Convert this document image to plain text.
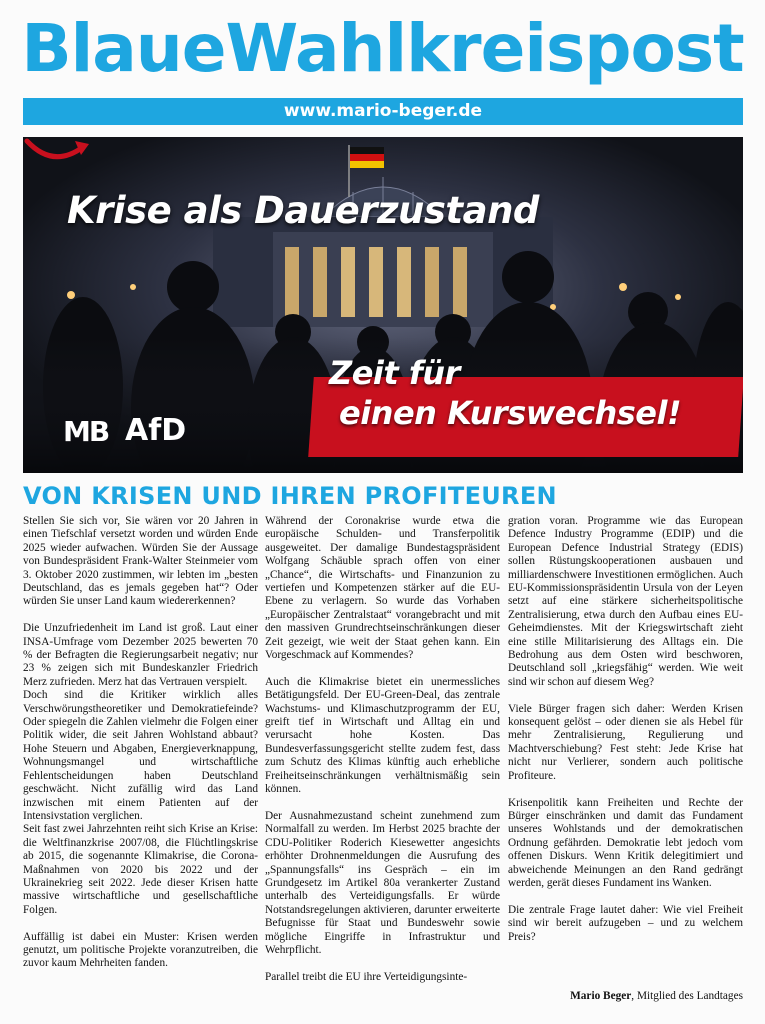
BlaueWahlkreispost
www.mario-beger.de
Krise als Dauerzustand
Zeit für
einen Kurswechsel!
MB AfD
VON KRISEN UND IHREN PROFITEUREN

Stellen Sie sich vor, Sie wären vor 20 Jahren in einen Tiefschlaf versetzt worden und würden Ende 2025 wieder aufwachen. Würden Sie der Aussage von Bundespräsident Frank-Walter Steinmeier vom 3. Oktober 2020 zustimmen, wir lebten im „besten Deutschland, das es jemals gegeben hat“? Oder würden Sie unser Land kaum wiedererkennen?

Die Unzufriedenheit im Land ist groß. Laut einer INSA-Umfrage vom Dezember 2025 bewerten 70 % der Befragten die Regierungsarbeit negativ; nur 23 % zeigen sich mit Bundeskanzler Friedrich Merz zufrieden. Merz hat das Vertrauen verspielt.

Doch sind die Kritiker wirklich alles Verschwörungstheoretiker und Demokratiefeinde? Oder spiegeln die Zahlen vielmehr die Folgen einer Politik wider, die seit Jahren Wohlstand abbaut? Hohe Steuern und Abgaben, Energieverknappung, Wohnungsmangel und wirtschaftliche Fehlentscheidungen haben Deutschland geschwächt. Nicht zufällig wird das Land inzwischen mit einem Patienten auf der Intensivstation verglichen.

Seit fast zwei Jahrzehnten reiht sich Krise an Krise: die Weltfinanzkrise 2007/08, die Flüchtlingskrise ab 2015, die sogenannte Klimakrise, die Corona-Maßnahmen von 2020 bis 2022 und der Ukrainekrieg seit 2022. Jede dieser Krisen hatte massive wirtschaftliche und gesellschaftliche Folgen.

Auffällig ist dabei ein Muster: Krisen werden genutzt, um politische Projekte voranzutreiben, die zuvor kaum Mehrheiten fanden.

Während der Coronakrise wurde etwa die europäische Schulden- und Transferpolitik ausgeweitet. Der damalige Bundestagspräsident Wolfgang Schäuble sprach offen von einer „Chance“, die Wirtschafts- und Finanzunion zu vertiefen und Kompetenzen stärker auf die EU-Ebene zu verlagern. So wurde das Vorhaben „Europäischer Zentralstaat“ vorangebracht und mit den massiven Grundrechtseinschränkungen dieser Zeit gezeigt, wie weit der Staat gehen kann. Ein Vorgeschmack auf Kommendes?

Auch die Klimakrise bietet ein unermessliches Betätigungsfeld. Der EU-Green-Deal, das zentrale Wachstums- und Klimaschutzprogramm der EU, greift tief in Wirtschaft und Alltag ein und verursacht hohe Kosten. Das Bundesverfassungsgericht stellte zudem fest, dass zum Schutz des Klimas künftig auch erhebliche Freiheitseinschränkungen verhältnismäßig sein können.

Der Ausnahmezustand scheint zunehmend zum Normalfall zu werden. Im Herbst 2025 brachte der CDU-Politiker Roderich Kiesewetter angesichts erhöhter Drohnenmeldungen die Ausrufung des „Spannungsfalls“ ins Gespräch – ein im Grundgesetz im Artikel 80a verankerter Zustand unterhalb des Verteidigungsfalls. Er würde Notstandsregelungen aktivieren, darunter erweiterte Befugnisse für Staat und Bundeswehr sowie mögliche Eingriffe in Infrastruktur und Wehrpflicht.

Parallel treibt die EU ihre Verteidigungsinte-

gration voran. Programme wie das European Defence Industry Programme (EDIP) und die European Defence Industrial Strategy (EDIS) sollen Rüstungskooperationen ausbauen und milliardenschwere Investitionen ermöglichen. Auch EU-Kommissionspräsidentin Ursula von der Leyen setzt auf eine stärkere sicherheitspolitische Zentralisierung, etwa durch den Aufbau eines EU-Geheimdienstes. Mit der Kriegswirtschaft zieht eine stille Militarisierung des Alltags ein. Die Bedrohung aus dem Osten wird beschworen, Deutschland soll „kriegsfähig“ werden. Wie weit sind wir schon auf diesem Weg?

Viele Bürger fragen sich daher: Werden Krisen konsequent gelöst – oder dienen sie als Hebel für mehr Zentralisierung, Regulierung und Machtverschiebung? Fest steht: Jede Krise hat nicht nur Verlierer, sondern auch politische Profiteure.

Krisenpolitik kann Freiheiten und Rechte der Bürger einschränken und damit das Fundament unseres Wohlstands und der demokratischen Ordnung gefährden. Demokratie lebt jedoch vom offenen Diskurs. Wenn Kritik delegitimiert und abweichende Meinungen an den Rand gedrängt werden, gerät dieses Fundament ins Wanken.

Die zentrale Frage lautet daher: Wie viel Freiheit sind wir bereit aufzugeben – und zu welchem Preis?

Mario Beger, Mitglied des Landtages
